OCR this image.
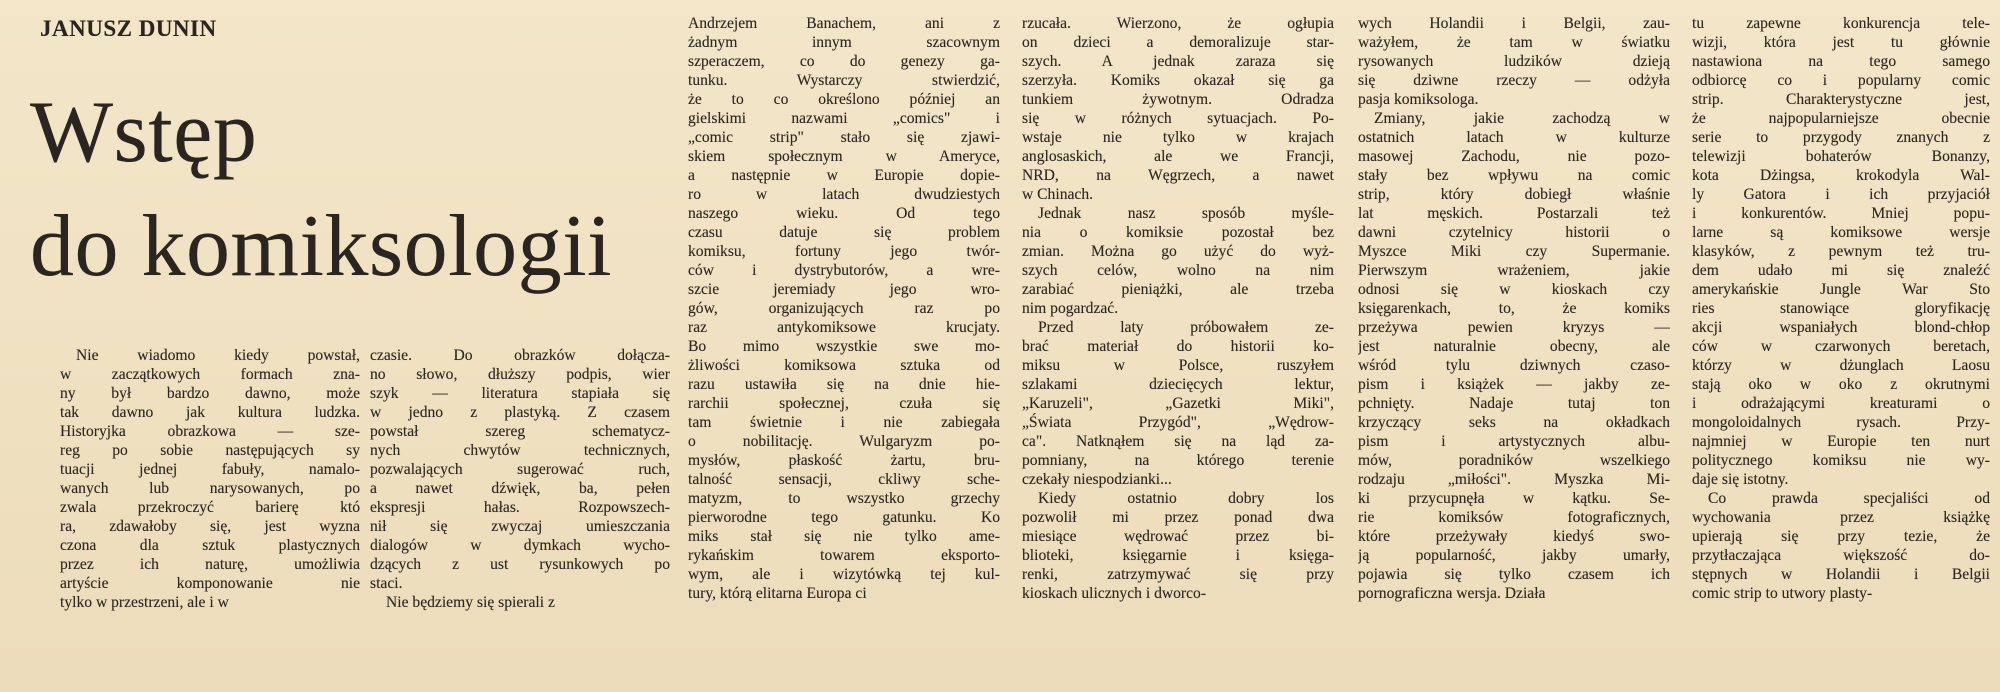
JANUSZ DUNIN
Wstęp
do komiksologii
Nie wiadomo kiedy powstał,
w zaczątkowych formach zna-
ny był bardzo dawno, może
tak dawno jak kultura ludzka.
Historyjka obrazkowa — sze-
reg po sobie następujących sy
tuacji jednej fabuły, namalo-
wanych lub narysowanych, po
zwala przekroczyć barierę któ
ra, zdawałoby się, jest wyzna
czona dla sztuk plastycznych
przez ich naturę, umożliwia
artyście komponowanie nie
tylko w przestrzeni, ale i w
czasie. Do obrazków dołącza-
no słowo, dłuższy podpis, wier
szyk — literatura stapiała się
w jedno z plastyką. Z czasem
powstał szereg schematycz-
nych chwytów technicznych,
pozwalających sugerować ruch,
a nawet dźwięk, ba, pełen
ekspresji hałas. Rozpowszech-
nił się zwyczaj umieszczania
dialogów w dymkach wycho-
dzących z ust rysunkowych po
staci.
Nie będziemy się spierali z
Andrzejem Banachem, ani z
żadnym innym szacownym
szperaczem, co do genezy ga-
tunku. Wystarczy stwierdzić,
że to co określono później an
gielskimi nazwami „comics" i
„comic strip" stało się zjawi-
skiem społecznym w Ameryce,
a następnie w Europie dopie-
ro w latach dwudziestych
naszego wieku. Od tego
czasu datuje się problem
komiksu, fortuny jego twór-
ców i dystrybutorów, a wre-
szcie jeremiady jego wro-
gów, organizujących raz po
raz antykomiksowe krucjaty.
Bo mimo wszystkie swe mo-
żliwości komiksowa sztuka od
razu ustawiła się na dnie hie-
rarchii społecznej, czuła się
tam świetnie i nie zabiegała
o nobilitację. Wulgaryzm po-
mysłów, płaskość żartu, bru-
talność sensacji, ckliwy sche-
matyzm, to wszystko grzechy
pierworodne tego gatunku. Ko
miks stał się nie tylko ame-
rykańskim towarem eksporto-
wym, ale i wizytówką tej kul-
tury, którą elitarna Europa ci
rzucała. Wierzono, że ogłupia
on dzieci a demoralizuje star-
szych. A jednak zaraza się
szerzyła. Komiks okazał się ga
tunkiem żywotnym. Odradza
się w różnych sytuacjach. Po-
wstaje nie tylko w krajach
anglosaskich, ale we Francji,
NRD, na Węgrzech, a nawet
w Chinach.
Jednak nasz sposób myśle-
nia o komiksie pozostał bez
zmian. Można go użyć do wyż-
szych celów, wolno na nim
zarabiać pieniążki, ale trzeba
nim pogardzać.
Przed laty próbowałem ze-
brać materiał do historii ko-
miksu w Polsce, ruszyłem
szlakami dziecięcych lektur,
„Karuzeli", „Gazetki Miki",
„Świata Przygód", „Wędrow-
ca". Natknąłem się na ląd za-
pomniany, na którego terenie
czekały niespodzianki...
Kiedy ostatnio dobry los
pozwolił mi przez ponad dwa
miesiące wędrować przez bi-
blioteki, księgarnie i księga-
renki, zatrzymywać się przy
kioskach ulicznych i dworco-
wych Holandii i Belgii, zau-
ważyłem, że tam w światku
rysowanych ludzików dzieją
się dziwne rzeczy — odżyła
pasja komiksologa.
Zmiany, jakie zachodzą w
ostatnich latach w kulturze
masowej Zachodu, nie pozo-
stały bez wpływu na comic
strip, który dobiegł właśnie
lat męskich. Postarzali też
dawni czytelnicy historii o
Myszce Miki czy Supermanie.
Pierwszym wrażeniem, jakie
odnosi się w kioskach czy
księgarenkach, to, że komiks
przeżywa pewien kryzys —
jest naturalnie obecny, ale
wśród tylu dziwnych czaso-
pism i książek — jakby ze-
pchnięty. Nadaje tutaj ton
krzyczący seks na okładkach
pism i artystycznych albu-
mów, poradników wszelkiego
rodzaju „miłości". Myszka Mi-
ki przycupnęła w kątku. Se-
rie komiksów fotograficznych,
które przeżywały kiedyś swo-
ją popularność, jakby umarły,
pojawia się tylko czasem ich
pornograficzna wersja. Działa
tu zapewne konkurencja tele-
wizji, która jest tu głównie
nastawiona na tego samego
odbiorcę co i popularny comic
strip. Charakterystyczne jest,
że najpopularniejsze obecnie
serie to przygody znanych z
telewizji bohaterów Bonanzy,
kota Dżingsa, krokodyla Wal-
ly Gatora i ich przyjaciół
i konkurentów. Mniej popu-
larne są komiksowe wersje
klasyków, z pewnym też tru-
dem udało mi się znaleźć
amerykańskie Jungle War Sto
ries stanowiące gloryfikację
akcji wspaniałych blond-chłop
ców w czarwonych beretach,
którzy w dżunglach Laosu
stają oko w oko z okrutnymi
i odrażającymi kreaturami o
mongoloidalnych rysach. Przy-
najmniej w Europie ten nurt
politycznego komiksu nie wy-
daje się istotny.
Co prawda specjaliści od
wychowania przez książkę
upierają się przy tezie, że
przytłaczająca większość do-
stępnych w Holandii i Belgii
comic strip to utwory plasty-
